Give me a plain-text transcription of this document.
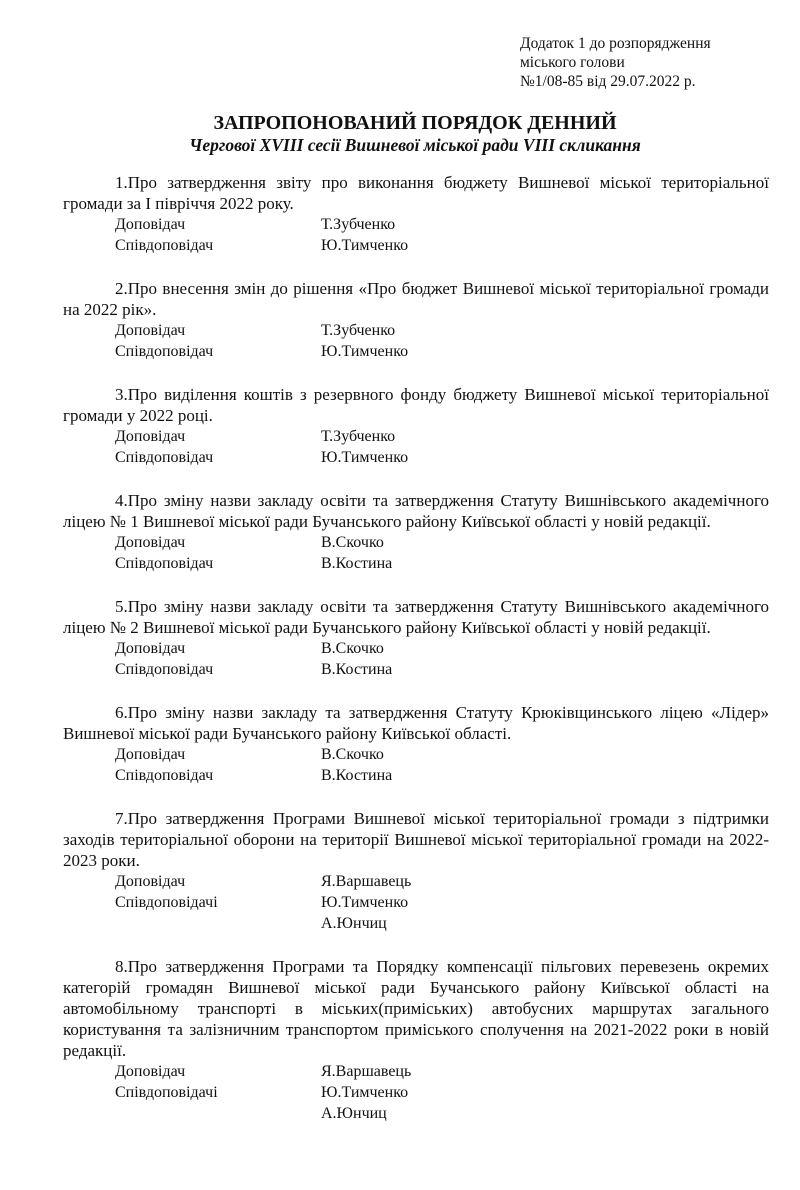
Додаток 1 до розпорядження
міського голови
№1/08-85 від 29.07.2022 р.
ЗАПРОПОНОВАНИЙ ПОРЯДОК ДЕННИЙ
Чергової XVIII сесії Вишневої міської ради VIII скликання

1.Про затвердження звіту про виконання бюджету Вишневої міської територіальної громади за І півріччя 2022 року.

Доповідач	Т.Зубченко
Співдоповідач	Ю.Тимченко

2.Про внесення змін до рішення «Про бюджет Вишневої міської територіальної громади на 2022 рік».

Доповідач	Т.Зубченко
Співдоповідач	Ю.Тимченко

3.Про виділення коштів з резервного фонду бюджету Вишневої міської територіальної громади у 2022 році.

Доповідач	Т.Зубченко
Співдоповідач	Ю.Тимченко

4.Про зміну назви закладу освіти та затвердження Статуту Вишнівського академічного ліцею № 1 Вишневої міської ради Бучанського району Київської області у новій редакції.

Доповідач	В.Скочко
Співдоповідач	В.Костина

5.Про зміну назви закладу освіти та затвердження Статуту Вишнівського академічного ліцею № 2 Вишневої міської ради Бучанського району Київської області у новій редакції.

Доповідач	В.Скочко
Співдоповідач	В.Костина

6.Про зміну назви закладу та затвердження Статуту Крюківщинського ліцею «Лідер» Вишневої міської ради Бучанського району Київської області.

Доповідач	В.Скочко
Співдоповідач	В.Костина

7.Про затвердження Програми Вишневої міської територіальної громади з підтримки заходів територіальної оборони на території Вишневої міської територіальної громади на 2022-2023 роки.

Доповідач	Я.Варшавець
Співдоповідачі	Ю.Тимченко
А.Юнчиц

8.Про затвердження Програми та Порядку компенсації пільгових перевезень окремих категорій громадян Вишневої міської ради Бучанського району Київської області на автомобільному транспорті в міських(приміських) автобусних маршрутах загального користування та залізничним транспортом приміського сполучення на 2021-2022 роки в новій редакції.

Доповідач	Я.Варшавець
Співдоповідачі	Ю.Тимченко
А.Юнчиц
